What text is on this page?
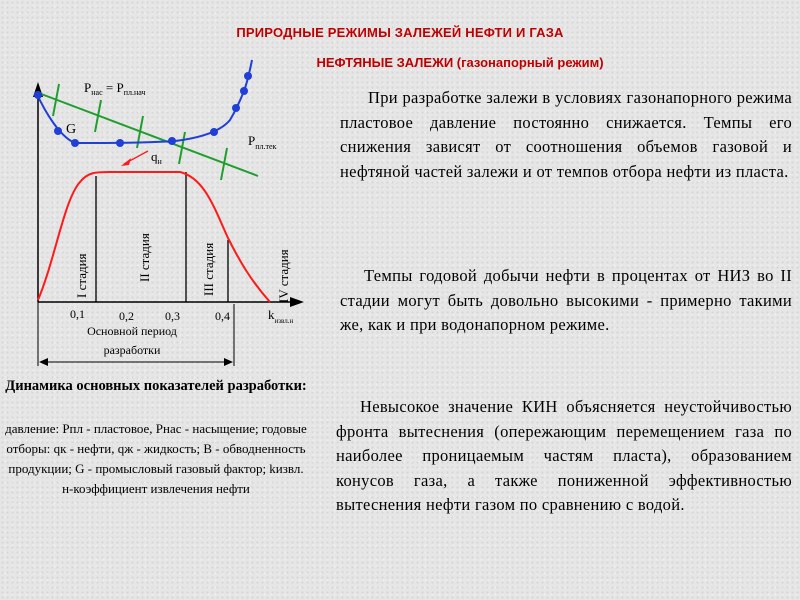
ПРИРОДНЫЕ РЕЖИМЫ ЗАЛЕЖЕЙ НЕФТИ И ГАЗА
НЕФТЯНЫЕ ЗАЛЕЖИ (газонапорный режим)
$P_{нас} = P_{пл.нач}$
G
$P_{пл.тек}$
$q_н$
I стадия	II стадия	III стадия	IV стадия
0,1	0,2	0,3	0,4	$k_{извл.н}$
Основной период
разработки
Динамика основных показателей разработки:
давление: Рпл - пластовое, Рнас - насыщение; годовые отборы: qк - нефти, qж - жидкость; В - обводненность продукции; G - промысловый газовый фактор; kизвл. н-коэффициент извлечения нефти

При разработке залежи в условиях газонапорного режима пластовое давление постоянно снижается. Темпы его снижения зависят от соотношения объемов газовой и нефтяной частей залежи и от темпов отбора нефти из пласта.

Темпы годовой добычи нефти в процентах от НИЗ во II стадии могут быть довольно высокими - примерно такими же, как и при водонапорном режиме.

Невысокое значение КИН объясняется неустойчивостью фронта вытеснения (опережающим перемещением газа по наиболее проницаемым частям пласта), образованием конусов газа, а также пониженной эффективностью вытеснения нефти газом по сравнению с водой.
